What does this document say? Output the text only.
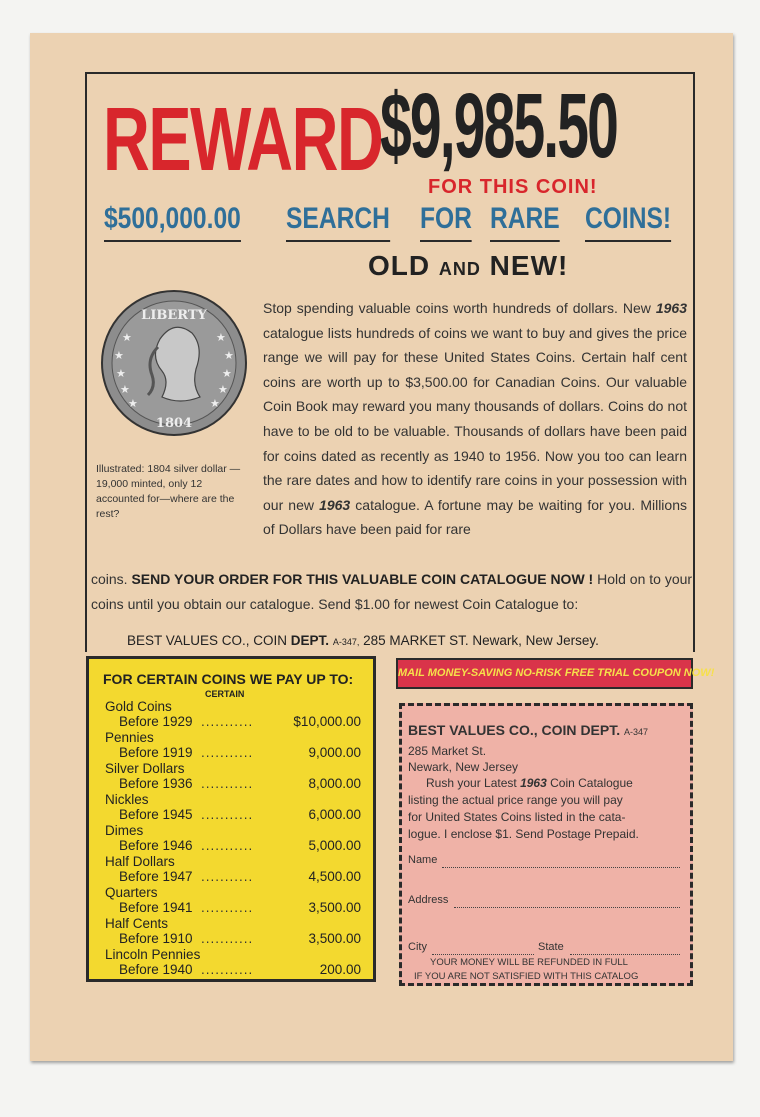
REWARD
$9,985.50
FOR THIS COIN!
$500,000.00 SEARCH FOR RARE COINS!
OLD AND NEW!
LIBERTY
1804
★
★
★
★
★
★
★
★
★	★
Illustrated: 1804 silver dollar — 19,000 minted, only 12 accounted for—where are the rest?
Stop spending valuable coins worth hundreds of dollars. New 1963 catalogue lists hundreds of coins we want to buy and gives the price range we will pay for these United States Coins. Certain half cent coins are worth up to $3,500.00 for Canadian Coins. Our valuable Coin Book may reward you many thousands of dollars. Coins do not have to be old to be valuable. Thousands of dollars have been paid for coins dated as recently as 1940 to 1956. Now you too can learn the rare dates and how to identify rare coins in your possession with our new 1963 catalogue. A fortune may be waiting for you. Millions of Dollars have been paid for rare
coins. SEND YOUR ORDER FOR THIS VALUABLE COIN CATALOGUE NOW ! Hold on to your
coins until you obtain our catalogue. Send $1.00 for newest Coin Catalogue to:
BEST VALUES CO., COIN DEPT. A-347, 285 MARKET ST. Newark, New Jersey.
FOR CERTAIN COINS WE PAY UP TO:
CERTAIN
Gold Coins
Before 1929 ...........	$10,000.00
Pennies
Before 1919 ...........	9,000.00
Silver Dollars
Before 1936 ...........	8,000.00
Nickles
Before 1945 ...........	6,000.00
Dimes
Before 1946 ...........	5,000.00
Half Dollars
Before 1947 ...........	4,500.00
Quarters
Before 1941 ...........	3,500.00
Half Cents
Before 1910 ...........	3,500.00
Lincoln Pennies
Before 1940 ...........	200.00
MAIL MONEY-SAVING NO-RISK FREE TRIAL COUPON NOW!
BEST VALUES CO., COIN DEPT. A-347
285 Market St.
Newark, New Jersey
Rush your Latest 1963 Coin Catalogue
listing the actual price range you will pay
for United States Coins listed in the cata-
logue. I enclose $1. Send Postage Prepaid.
Name
Address
City	State
YOUR MONEY WILL BE REFUNDED IN FULL
IF YOU ARE NOT SATISFIED WITH THIS CATALOG
